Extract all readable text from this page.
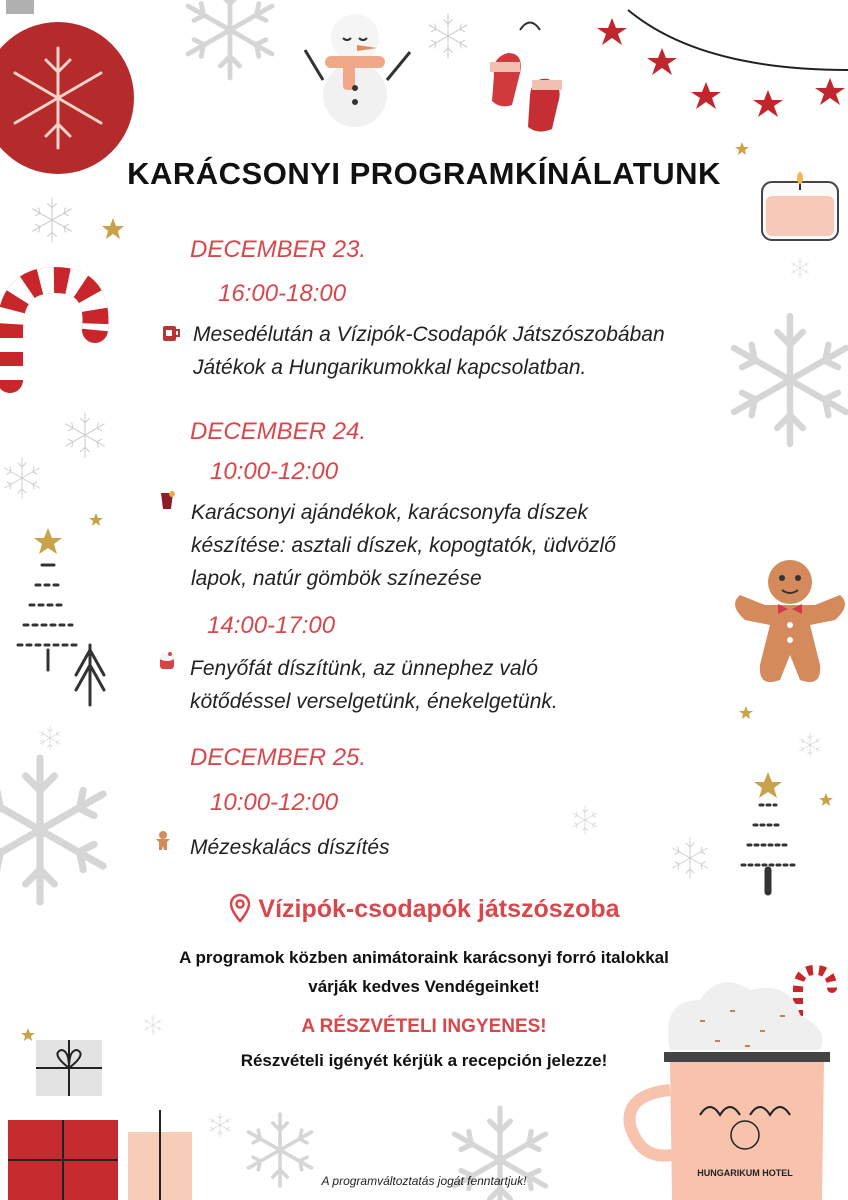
KARÁCSONYI PROGRAMKÍNÁLATUNK
DECEMBER 23.
16:00-18:00
Mesedélután a Vízipók-Csodapók Játszószobában
Játékok a Hungarikumokkal kapcsolatban.
DECEMBER 24.
10:00-12:00
Karácsonyi ajándékok, karácsonyfa díszek
készítése: asztali díszek, kopogtatók, üdvözlő
lapok, natúr gömbök színezése
14:00-17:00
Fenyőfát díszítünk, az ünnephez való
kötődéssel verselgetünk, énekelgetünk.
DECEMBER 25.
10:00-12:00
Mézeskalács díszítés
Vízipók-csodapók játszószoba
A programok közben animátoraink karácsonyi forró italokkal
várják kedves Vendégeinket!
A RÉSZVÉTELI INGYENES!
Részvételi igényét kérjük a recepción jelezze!
HUNGARIKUM HOTEL
A programváltoztatás jogát fenntartjuk!
